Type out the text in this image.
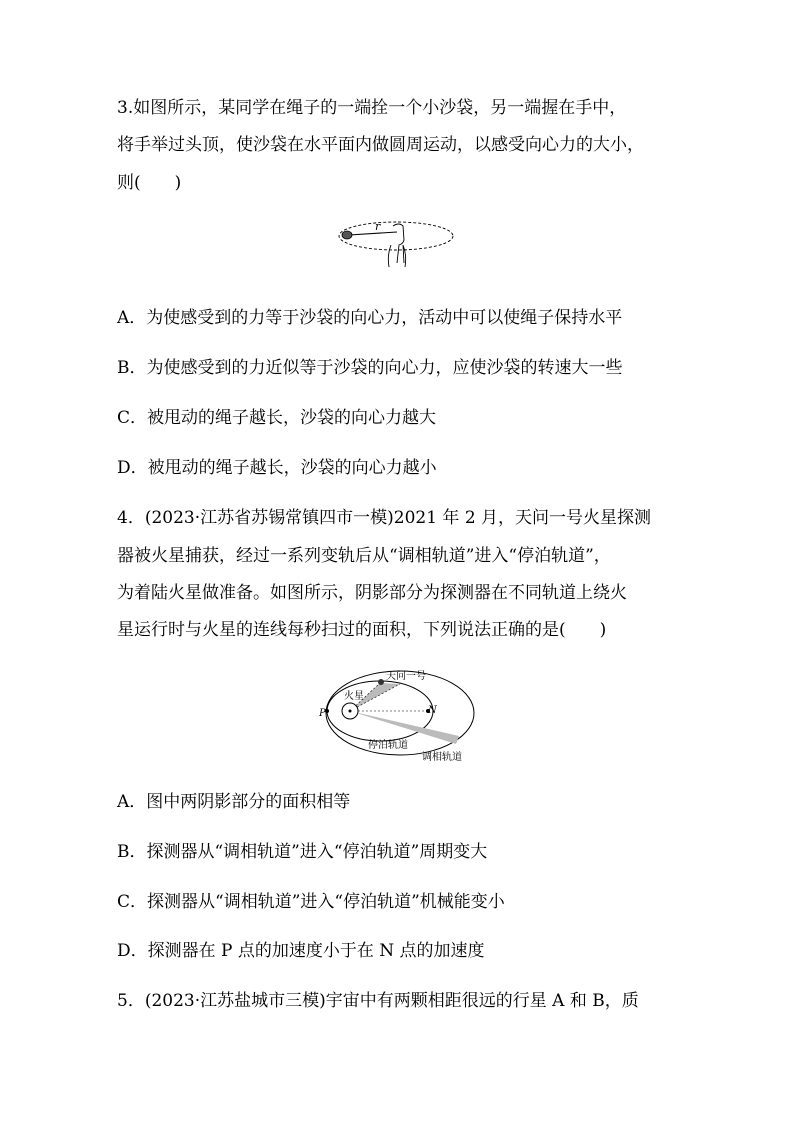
3.如图所示，某同学在绳子的一端拴一个小沙袋，另一端握在手中，
将手举过头顶，使沙袋在水平面内做圆周运动，以感受向心力的大小，
则(　　)
r
A．为使感受到的力等于沙袋的向心力，活动中可以使绳子保持水平
B．为使感受到的力近似等于沙袋的向心力，应使沙袋的转速大一些
C．被甩动的绳子越长，沙袋的向心力越大
D．被甩动的绳子越长，沙袋的向心力越小
4．(2023·江苏省苏锡常镇四市一模)2021 年 2 月，天问一号火星探测
器被火星捕获，经过一系列变轨后从“调相轨道”进入“停泊轨道”，
为着陆火星做准备。如图所示，阴影部分为探测器在不同轨道上绕火
星运行时与火星的连线每秒扫过的面积，下列说法正确的是(　　)
天问一号
火星
P	N
停泊轨道
调相轨道
A．图中两阴影部分的面积相等
B．探测器从“调相轨道”进入“停泊轨道”周期变大
C．探测器从“调相轨道”进入“停泊轨道”机械能变小
D．探测器在 P 点的加速度小于在 N 点的加速度
5．(2023·江苏盐城市三模)宇宙中有两颗相距很远的行星 A 和 B，质
